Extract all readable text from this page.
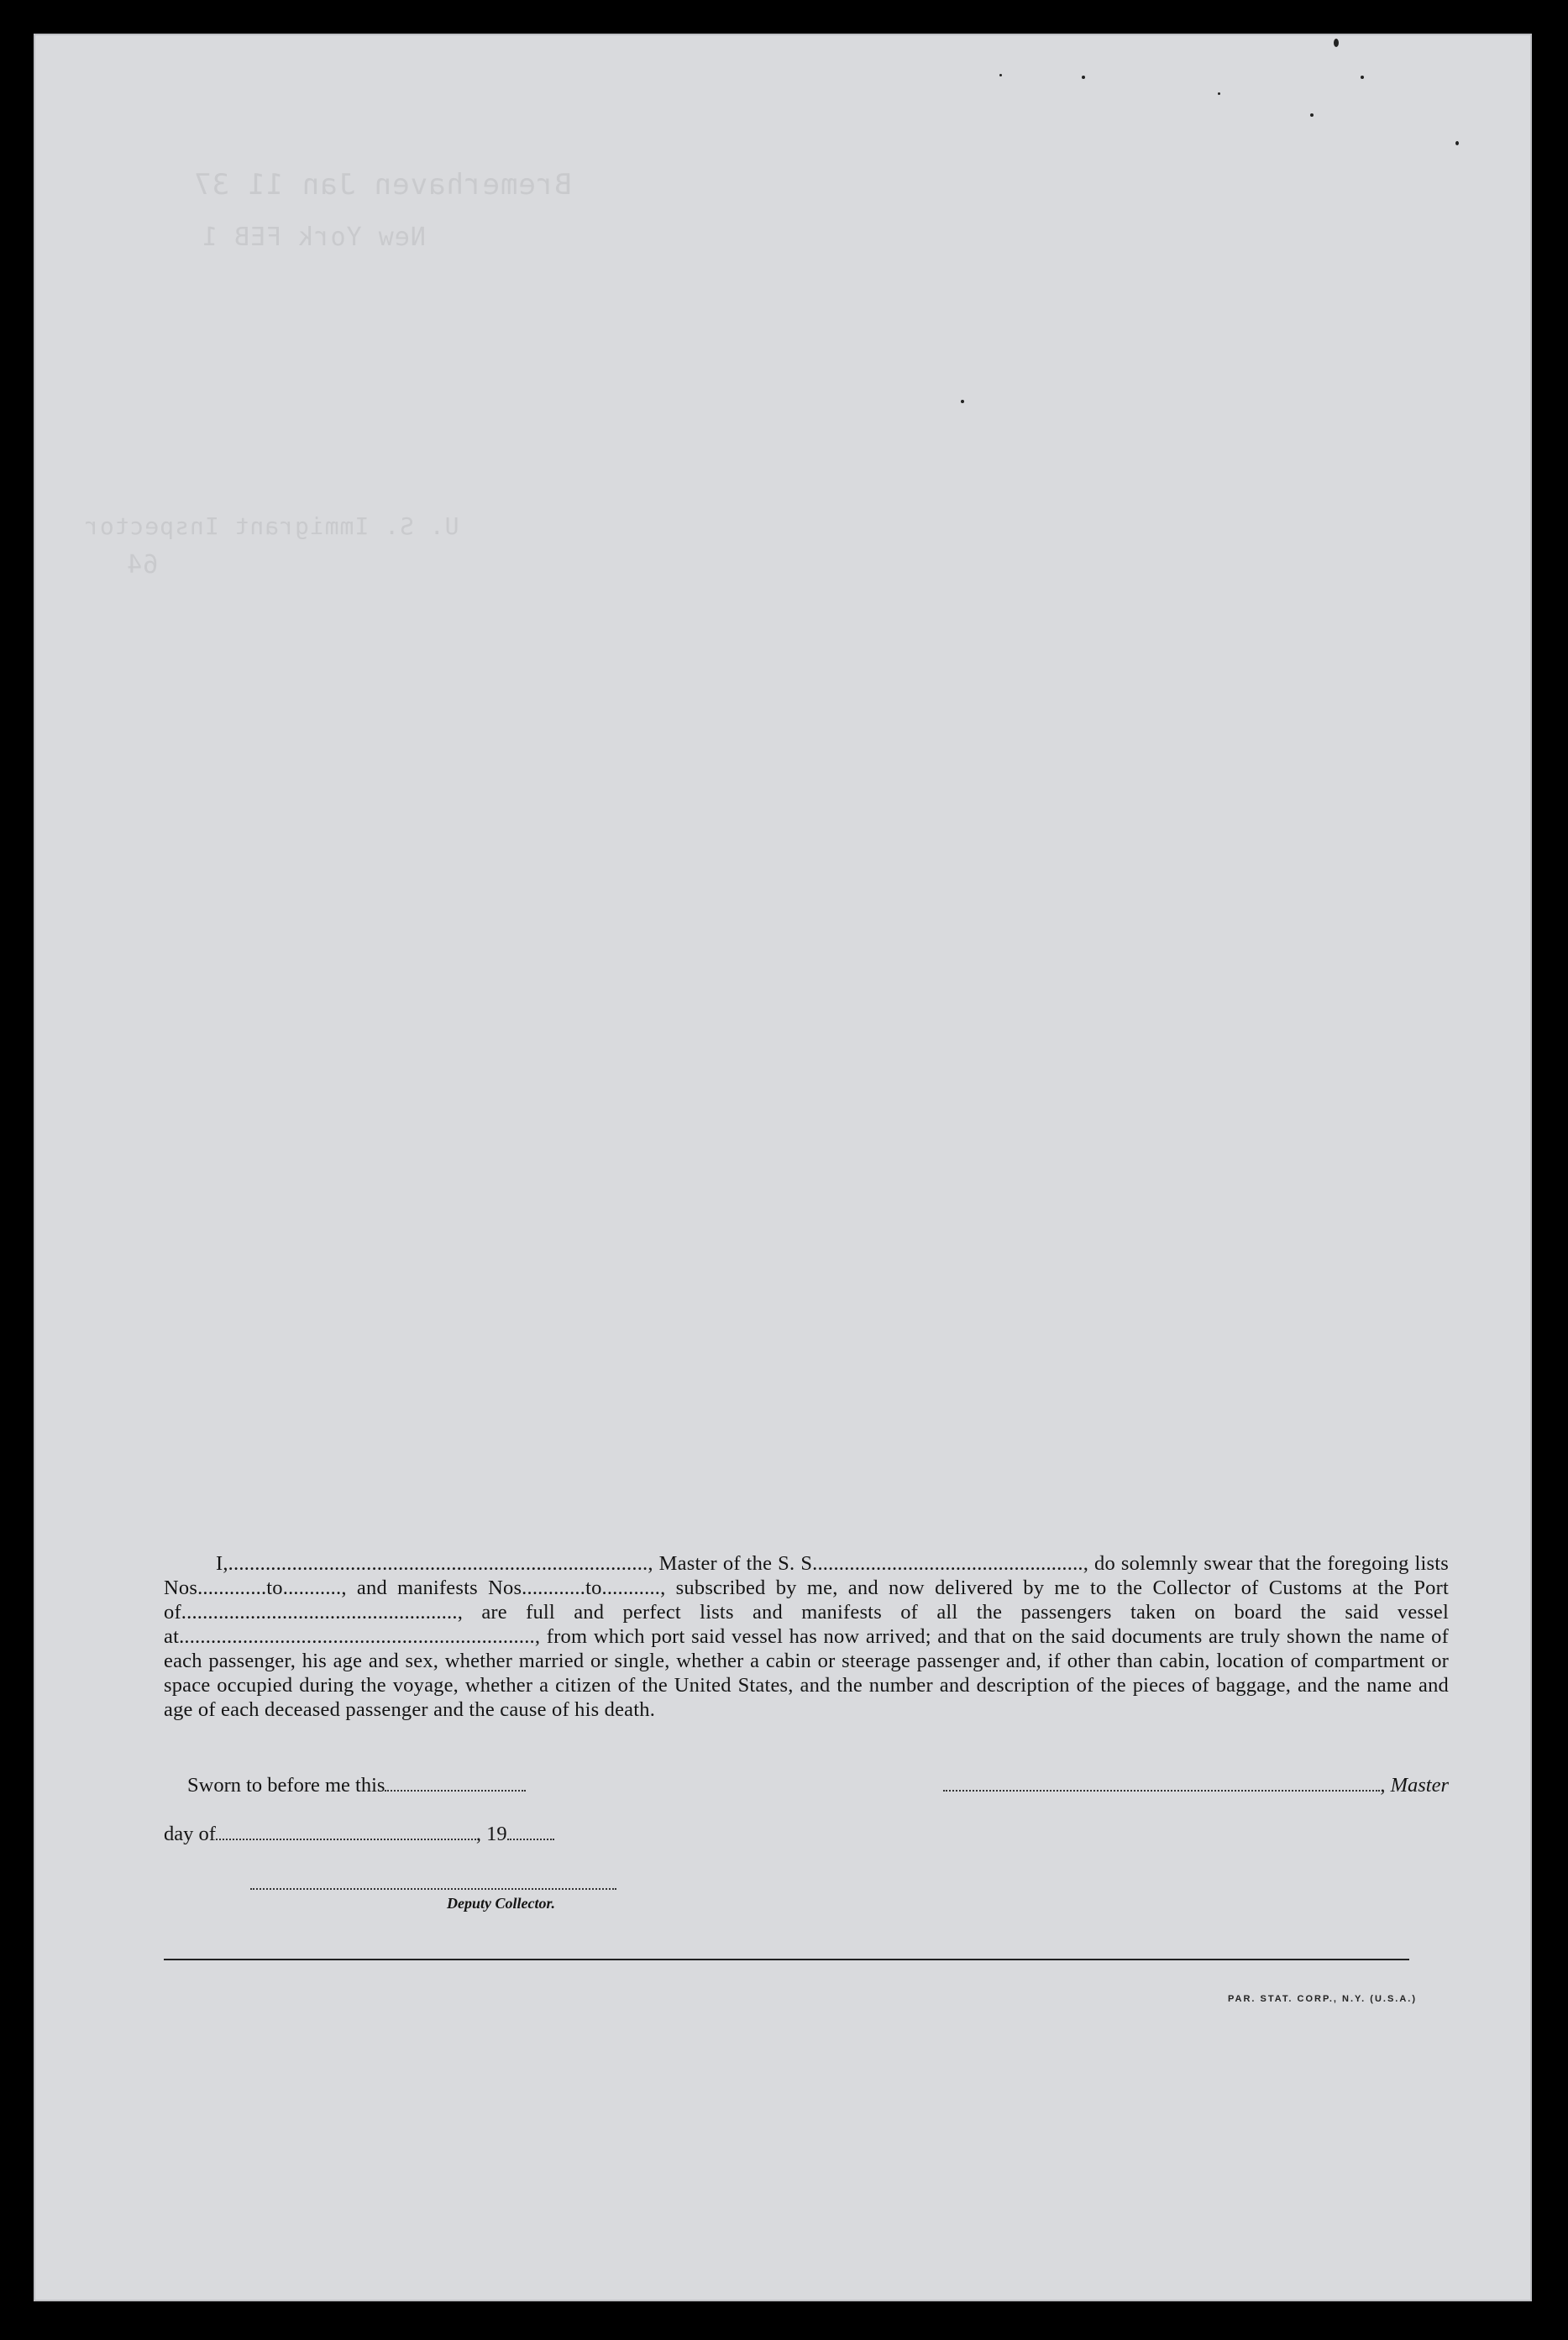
Bremerhaven Jan 11 37
New York FEB 1
U. S. Immigrant Inspector
64

I,..............................................................................., Master of the S. S..................................................., do solemnly swear that the foregoing lists Nos.............to..........., and manifests Nos............to..........., subscribed by me, and now delivered by me to the Collector of Customs at the Port of...................................................., are full and perfect lists and manifests of all the passengers taken on board the said vessel at..................................................................., from which port said vessel has now arrived; and that on the said documents are truly shown the name of each passenger, his age and sex, whether married or single, whether a cabin or steerage passenger and, if other than cabin, location of compartment or space occupied during the voyage, whether a citizen of the United States, and the number and description of the pieces of baggage, and the name and age of each deceased passenger and the cause of his death.

Sworn to before me this	, Master
day of	, 19
Deputy Collector.
PAR. STAT. CORP., N.Y. (U.S.A.)
